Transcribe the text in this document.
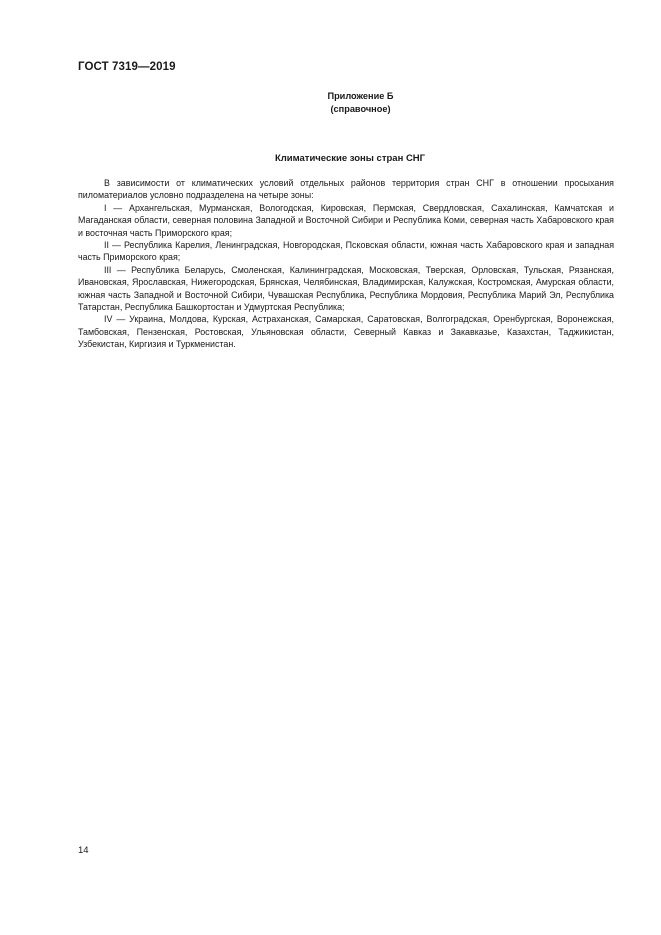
ГОСТ 7319—2019
Приложение Б
(справочное)
Климатические зоны стран СНГ

В зависимости от климатических условий отдельных районов территория стран СНГ в отношении просыхания пиломатериалов условно подразделена на четыре зоны:

I — Архангельская, Мурманская, Вологодская, Кировская, Пермская, Свердловская, Сахалинская, Камчатская и Магаданская области, северная половина Западной и Восточной Сибири и Республика Коми, северная часть Хабаровского края и восточная часть Приморского края;

II — Республика Карелия, Ленинградская, Новгородская, Псковская области, южная часть Хабаровского края и западная часть Приморского края;

III — Республика Беларусь, Смоленская, Калининградская, Московская, Тверская, Орловская, Тульская, Рязанская, Ивановская, Ярославская, Нижегородская, Брянская, Челябинская, Владимирская, Калужская, Костромская, Амурская области, южная часть Западной и Восточной Сибири, Чувашская Республика, Республика Мордовия, Республика Марий Эл, Республика Татарстан, Республика Башкортостан и Удмуртская Республика;

IV — Украина, Молдова, Курская, Астраханская, Самарская, Саратовская, Волгоградская, Оренбургская, Воронежская, Тамбовская, Пензенская, Ростовская, Ульяновская области, Северный Кавказ и Закавказье, Казахстан, Таджикистан, Узбекистан, Киргизия и Туркменистан.

14
